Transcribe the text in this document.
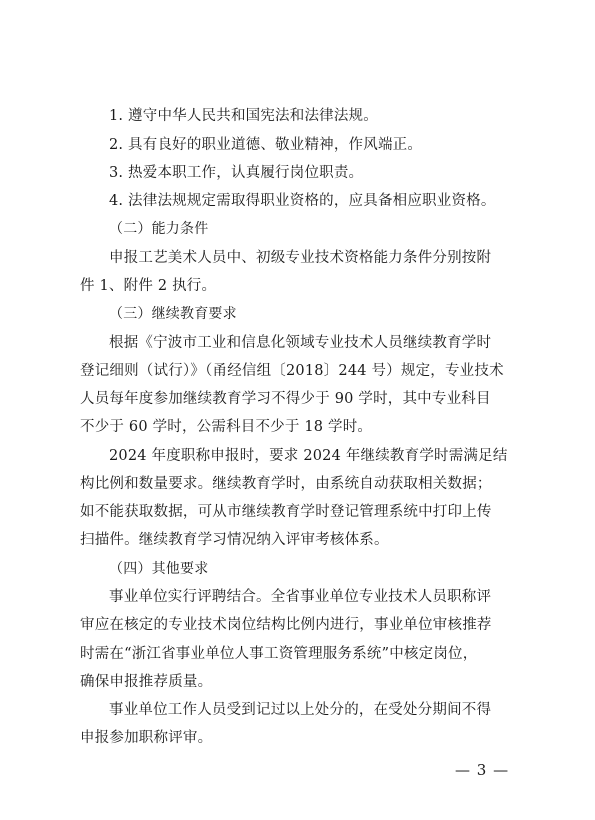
1. 遵守中华人民共和国宪法和法律法规。
2. 具有良好的职业道德、敬业精神，作风端正。
3. 热爱本职工作，认真履行岗位职责。
4. 法律法规规定需取得职业资格的，应具备相应职业资格。
（二）能力条件
申报工艺美术人员中、初级专业技术资格能力条件分别按附
件 1、附件 2 执行。
（三）继续教育要求
根据《宁波市工业和信息化领域专业技术人员继续教育学时
登记细则（试行）》（甬经信组〔2018〕244 号）规定，专业技术
人员每年度参加继续教育学习不得少于 90 学时，其中专业科目
不少于 60 学时，公需科目不少于 18 学时。
2024 年度职称申报时，要求 2024 年继续教育学时需满足结
构比例和数量要求。继续教育学时，由系统自动获取相关数据；
如不能获取数据，可从市继续教育学时登记管理系统中打印上传
扫描件。继续教育学习情况纳入评审考核体系。
（四）其他要求
事业单位实行评聘结合。全省事业单位专业技术人员职称评
审应在核定的专业技术岗位结构比例内进行，事业单位审核推荐
时需在“浙江省事业单位人事工资管理服务系统”中核定岗位，
确保申报推荐质量。
事业单位工作人员受到记过以上处分的，在受处分期间不得
申报参加职称评审。
— 3 —
